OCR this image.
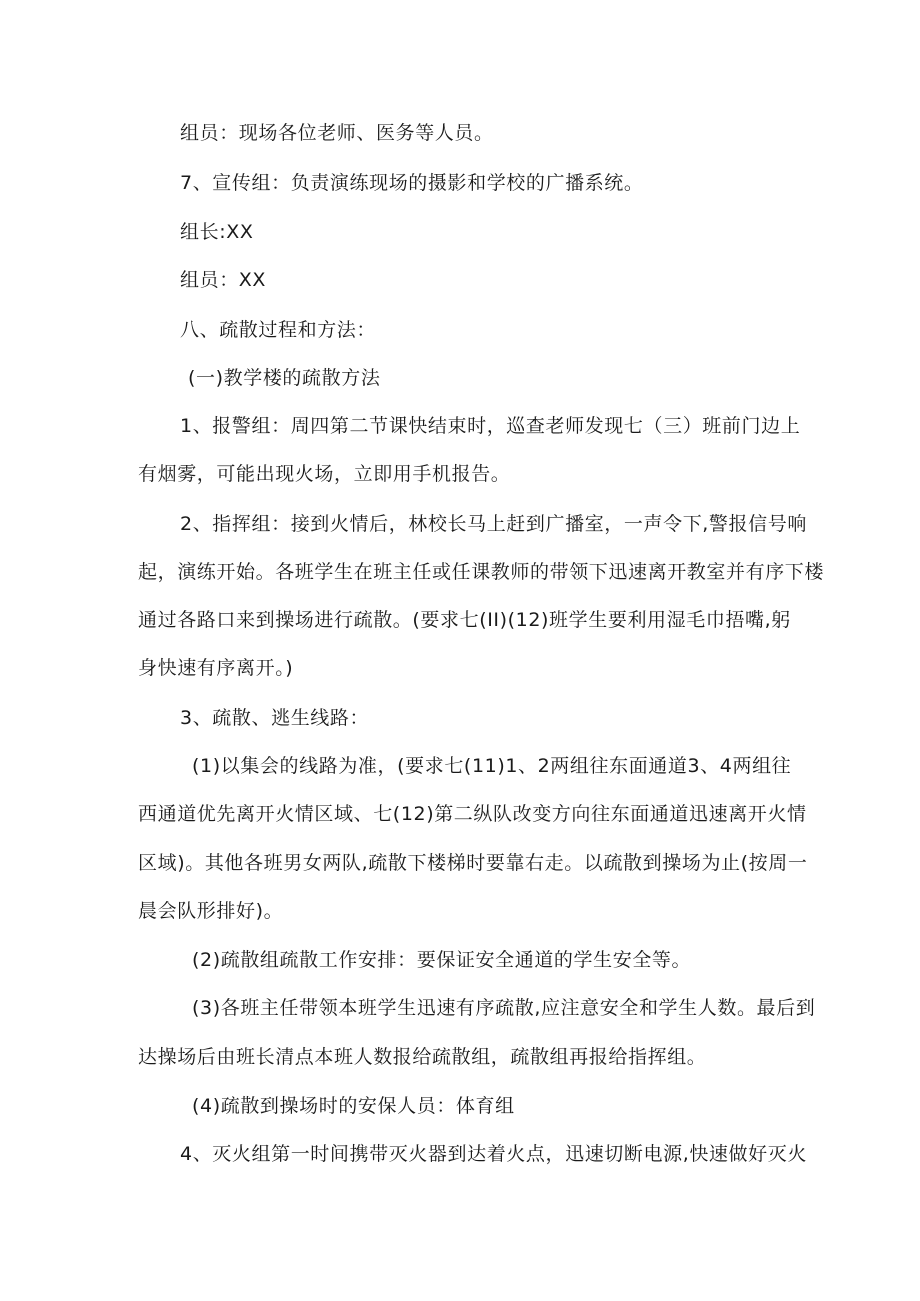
组员：现场各位老师、医务等人员。
7、宣传组：负责演练现场的摄影和学校的广播系统。
组长:XX
组员：XX
八、疏散过程和方法：
(一)教学楼的疏散方法
1、报警组：周四第二节课快结束时，巡查老师发现七（三）班前门边上
有烟雾，可能出现火场，立即用手机报告。
2、指挥组：接到火情后，林校长马上赶到广播室，一声令下,警报信号响
起，演练开始。各班学生在班主任或任课教师的带领下迅速离开教室并有序下楼
通过各路口来到操场进行疏散。(要求七(II)(12)班学生要利用湿毛巾捂嘴,躬
身快速有序离开。)
3、疏散、逃生线路：
(1)以集会的线路为准，(要求七(11)1、2两组往东面通道3、4两组往
西通道优先离开火情区域、七(12)第二纵队改变方向往东面通道迅速离开火情
区域)。其他各班男女两队,疏散下楼梯时要靠右走。以疏散到操场为止(按周一
晨会队形排好)。
(2)疏散组疏散工作安排：要保证安全通道的学生安全等。
(3)各班主任带领本班学生迅速有序疏散,应注意安全和学生人数。最后到
达操场后由班长清点本班人数报给疏散组，疏散组再报给指挥组。
(4)疏散到操场时的安保人员：体育组
4、灭火组第一时间携带灭火器到达着火点，迅速切断电源,快速做好灭火
